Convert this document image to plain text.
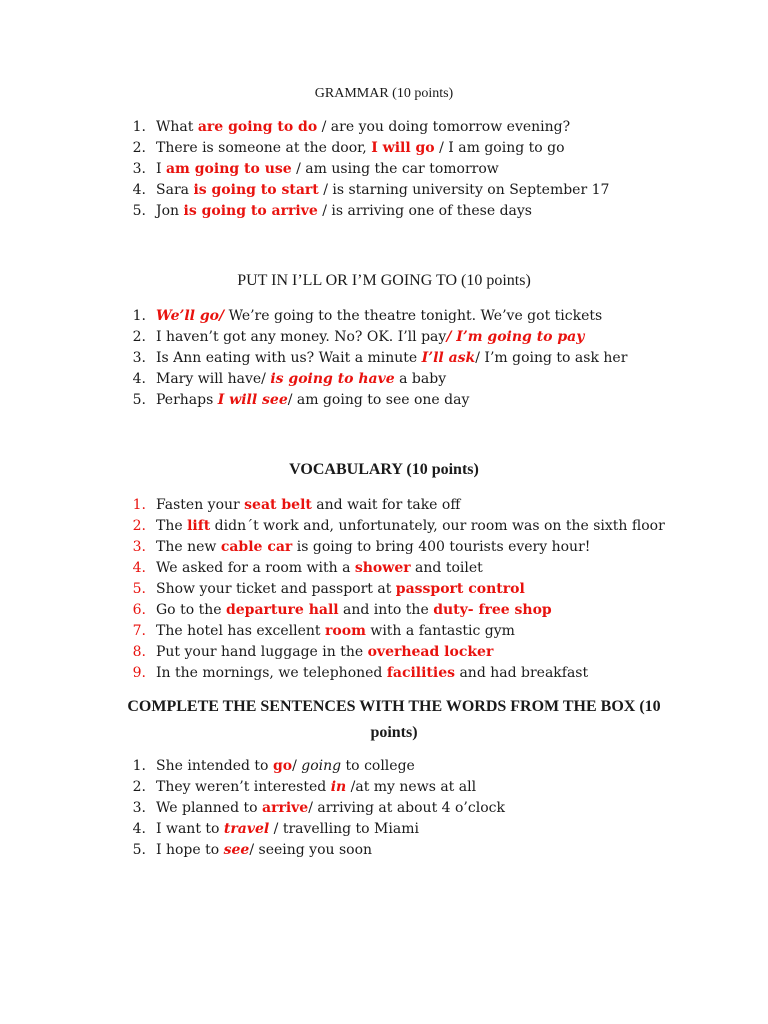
GRAMMAR (10 points)
1. What are going to do / are you doing tomorrow evening?
2. There is someone at the door, I will go / I am going to go
3. I am going to use / am using the car tomorrow
4. Sara is going to start / is starning university on September 17
5. Jon is going to arrive / is arriving one of these days
PUT IN I’LL OR I’M GOING TO (10 points)
1. We’ll go/ We’re going to the theatre tonight. We’ve got tickets
2. I haven’t got any money. No? OK. I’ll pay/ I’m going to pay
3. Is Ann eating with us? Wait a minute I’ll ask/ I’m going to ask her
4. Mary will have/ is going to have a baby
5. Perhaps I will see/ am going to see one day
VOCABULARY (10 points)
1. Fasten your seat belt and wait for take off
2. The lift didn´t work and, unfortunately, our room was on the sixth floor
3. The new cable car is going to bring 400 tourists every hour!
4. We asked for a room with a shower and toilet
5. Show your ticket and passport at passport control
6. Go to the departure hall and into the duty- free shop
7. The hotel has excellent room with a fantastic gym
8. Put your hand luggage in the overhead locker
9. In the mornings, we telephoned facilities and had breakfast
COMPLETE THE SENTENCES WITH THE WORDS FROM THE BOX (10 points)
1. She intended to go/ going to college
2. They weren’t interested in /at my news at all
3. We planned to arrive/ arriving at about 4 o’clock
4. I want to travel / travelling to Miami
5. I hope to see/ seeing you soon
